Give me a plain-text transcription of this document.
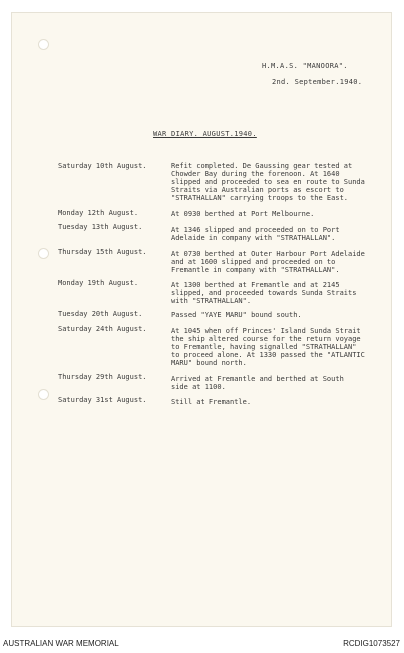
H.M.A.S. "MANOORA".
2nd. September.1940.
WAR DIARY. AUGUST.1940.
Saturday 10th August.	Refit completed. De Gaussing gear tested at
Chowder Bay during the forenoon. At 1640
slipped and proceeded to sea en route to Sunda
Straits via Australian ports as escort to
"STRATHALLAN" carrying troops to the East.
Monday 12th August.	At 0930 berthed at Port Melbourne.
Tuesday 13th August.	At 1346 slipped and proceeded on to Port
Adelaide in company with "STRATHALLAN".
Thursday 15th August.	At 0730 berthed at Outer Harbour Port Adelaide
and at 1600 slipped and proceeded on to
Fremantle in company with "STRATHALLAN".
Monday 19th August.	At 1300 berthed at Fremantle and at 2145
slipped, and proceeded towards Sunda Straits
with "STRATHALLAN".
Tuesday 20th August.	Passed "YAYE MARU" bound south.
Saturday 24th August.	At 1045 when off Princes' Island Sunda Strait
the ship altered course for the return voyage
to Fremantle, having signalled "STRATHALLAN"
to proceed alone. At 1330 passed the "ATLANTIC
MARU" bound north.
Thursday 29th August.	Arrived at Fremantle and berthed at South
side at 1100.
Saturday 31st August.	Still at Fremantle.
AUSTRALIAN WAR MEMORIAL	RCDIG1073527
